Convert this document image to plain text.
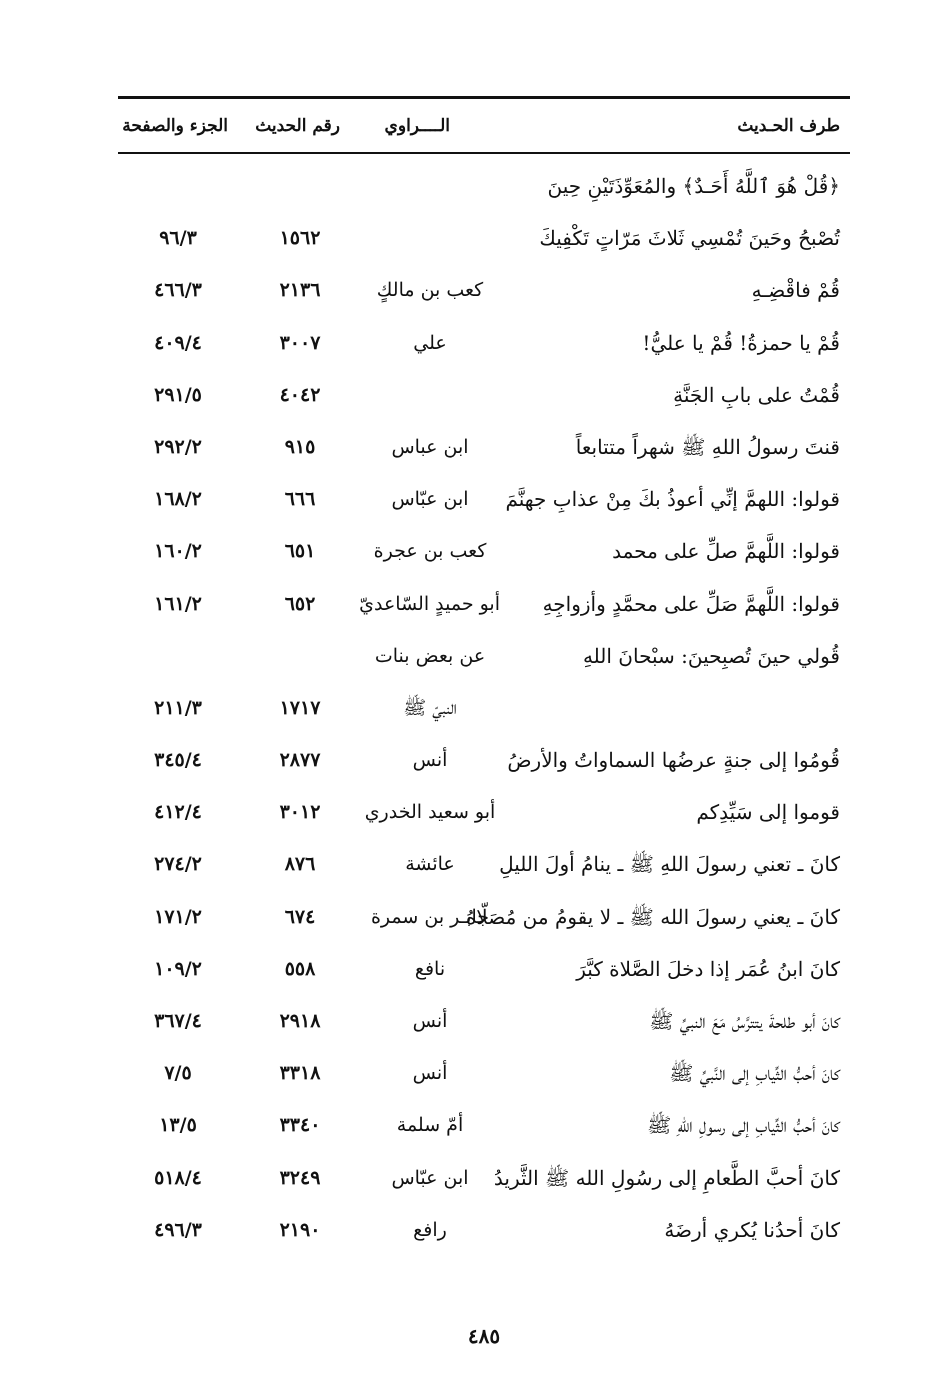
طرف الحـديث
الــــراوي
رقم الحديث
الجزء والصفحة
﴿قُلْ هُوَ ٱللَّهُ أَحَـدٌ﴾ والمُعَوِّذَتَيْنِ حِينَ
تُصْبحُ وحَينَ تُمْسِي ثَلاثَ مَرّاتٍ تَكْفِيكَ
١٥٦٢
٩٦/٣
قُمْ فاقْضِـهِ
كعب بن مالكٍ
٢١٣٦
٤٦٦/٣
قُمْ يا حمزةُ! قُمْ يا عليُّ!
علي
٣٠٠٧
٤٠٩/٤
قُمْتُ على بابِ الجَنَّةِ
٤٠٤٢
٢٩١/٥
قنتَ رسولُ اللهِ ﷺ شهراً متتابعاً
ابن عباس
٩١٥
٢٩٢/٢
قولوا: اللهمَّ إنِّي أعوذُ بكَ مِنْ عذابِ جهنَّمَ
ابن عبّاس
٦٦٦
١٦٨/٢
قولوا: اللَّهمَّ صلِّ على محمد
كعب بن عجرة
٦٥١
١٦٠/٢
قولوا: اللَّهمَّ صَلِّ على محمَّدٍ وأزواجِهِ
أبو حميدٍ السّاعديّ
٦٥٢
١٦١/٢
قُولي حينَ تُصبِحينَ: سبْحانَ اللهِ
عن بعض بنات
النبيّ ﷺ
١٧١٧
٢١١/٣
قُومُوا إلى جنةٍ عرضُها السماواتُ والأرضُ
أنس
٢٨٧٧
٣٤٥/٤
قوموا إلى سَيِّدِكم
أبو سعيد الخدري
٣٠١٢
٤١٢/٤
كانَ ـ تعني رسولَ اللهِ ﷺ ـ ينامُ أولَ الليلِ
عائشة
٨٧٦
٢٧٤/٢
كانَ ـ يعني رسولَ الله ﷺ ـ لا يقومُ من مُصَلّاهُ
جابـر بن سمرة
٦٧٤
١٧١/٢
كانَ ابنُ عُمَر إذا دخلَ الصَّلاة كبَّرَ
نافع
٥٥٨
١٠٩/٢
كانَ أبو طلحةَ يتترَّسُ مَعَ النبيِّ ﷺ
أنس
٢٩١٨
٣٦٧/٤
كانَ أحبُّ الثِّيابِ إلى النَّبيِّ ﷺ
أنس
٣٣١٨
٧/٥
كانَ أحبُّ الثِّيابِ إلى رسولِ اللهِ ﷺ
أمّ سلمة
٣٣٤٠
١٣/٥
كانَ أحبَّ الطَّعامِ إلى رسُولِ الله ﷺ الثَّريدُ
ابن عبّاس
٣٢٤٩
٥١٨/٤
كانَ أحدُنا يُكري أرضَهُ
رافع
٢١٩٠
٤٩٦/٣
٤٨٥
